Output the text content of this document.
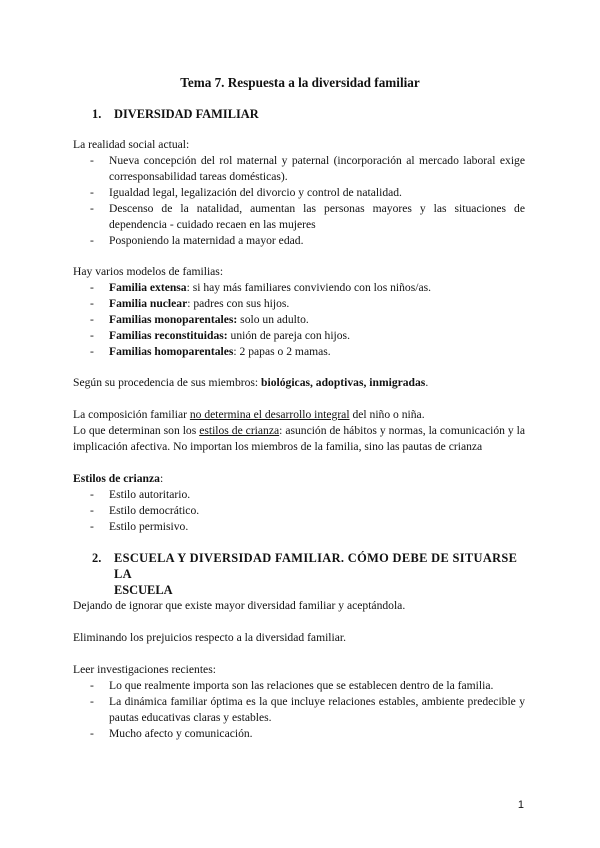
Tema 7. Respuesta a la diversidad familiar
1. DIVERSIDAD FAMILIAR
La realidad social actual:
- Nueva concepción del rol maternal y paternal (incorporación al mercado laboral exige corresponsabilidad tareas domésticas).
- Igualdad legal, legalización del divorcio y control de natalidad.
- Descenso de la natalidad, aumentan las personas mayores y las situaciones de dependencia - cuidado recaen en las mujeres
- Posponiendo la maternidad a mayor edad.
Hay varios modelos de familias:
- Familia extensa: si hay más familiares conviviendo con los niños/as.
- Familia nuclear: padres con sus hijos.
- Familias monoparentales: solo un adulto.
- Familias reconstituidas: unión de pareja con hijos.
- Familias homoparentales: 2 papas o 2 mamas.
Según su procedencia de sus miembros: biológicas, adoptivas, inmigradas.
La composición familiar no determina el desarrollo integral del niño o niña.
Lo que determinan son los estilos de crianza: asunción de hábitos y normas, la comunicación y la implicación afectiva. No importan los miembros de la familia, sino las pautas de crianza
Estilos de crianza:
- Estilo autoritario.
- Estilo democrático.
- Estilo permisivo.
2.	ESCUELA Y DIVERSIDAD FAMILIAR. CÓMO DEBE DE SITUARSE LA
ESCUELA
Dejando de ignorar que existe mayor diversidad familiar y aceptándola.
Eliminando los prejuicios respecto a la diversidad familiar.
Leer investigaciones recientes:
- Lo que realmente importa son las relaciones que se establecen dentro de la familia.
- La dinámica familiar óptima es la que incluye relaciones estables, ambiente predecible y pautas educativas claras y estables.
- Mucho afecto y comunicación.
1
